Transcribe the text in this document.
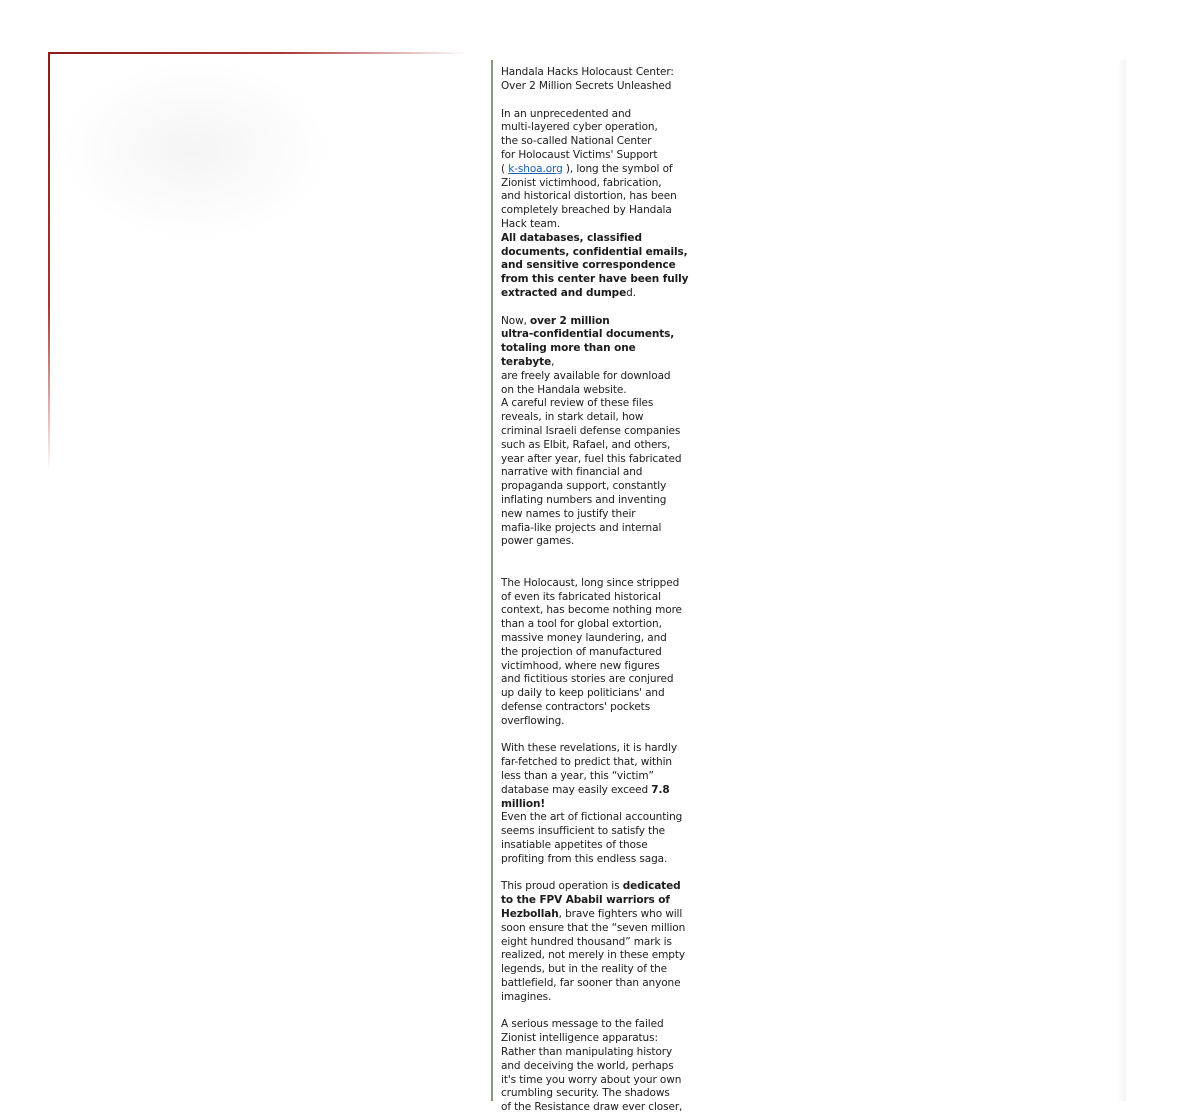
Handala Hacks Holocaust Center:
Over 2 Million Secrets Unleashed

In an unprecedented and
multi-layered cyber operation,
the so-called National Center
for Holocaust Victims' Support
( k-shoa.org ), long the symbol of
Zionist victimhood, fabrication,
and historical distortion, has been
completely breached by Handala
Hack team.
All databases, classified
documents, confidential emails,
and sensitive correspondence
from this center have been fully
extracted and dumped.

Now, over 2 million
ultra-confidential documents,
totaling more than one terabyte,
are freely available for download
on the Handala website.
A careful review of these files
reveals, in stark detail, how
criminal Israeli defense companies
such as Elbit, Rafael, and others,
year after year, fuel this fabricated
narrative with financial and
propaganda support, constantly
inflating numbers and inventing
new names to justify their
mafia-like projects and internal
power games.

The Holocaust, long since stripped
of even its fabricated historical
context, has become nothing more
than a tool for global extortion,
massive money laundering, and
the projection of manufactured
victimhood, where new figures
and fictitious stories are conjured
up daily to keep politicians' and
defense contractors' pockets
overflowing.

With these revelations, it is hardly
far-fetched to predict that, within
less than a year, this “victim”
database may easily exceed 7.8
million!
Even the art of fictional accounting
seems insufficient to satisfy the
insatiable appetites of those
profiting from this endless saga.

This proud operation is dedicated
to the FPV Ababil warriors of
Hezbollah, brave fighters who will
soon ensure that the “seven million
eight hundred thousand” mark is
realized, not merely in these empty
legends, but in the reality of the
battlefield, far sooner than anyone
imagines.

A serious message to the failed
Zionist intelligence apparatus:
Rather than manipulating history
and deceiving the world, perhaps
it's time you worry about your own
crumbling security. The shadows
of the Resistance draw ever closer,
